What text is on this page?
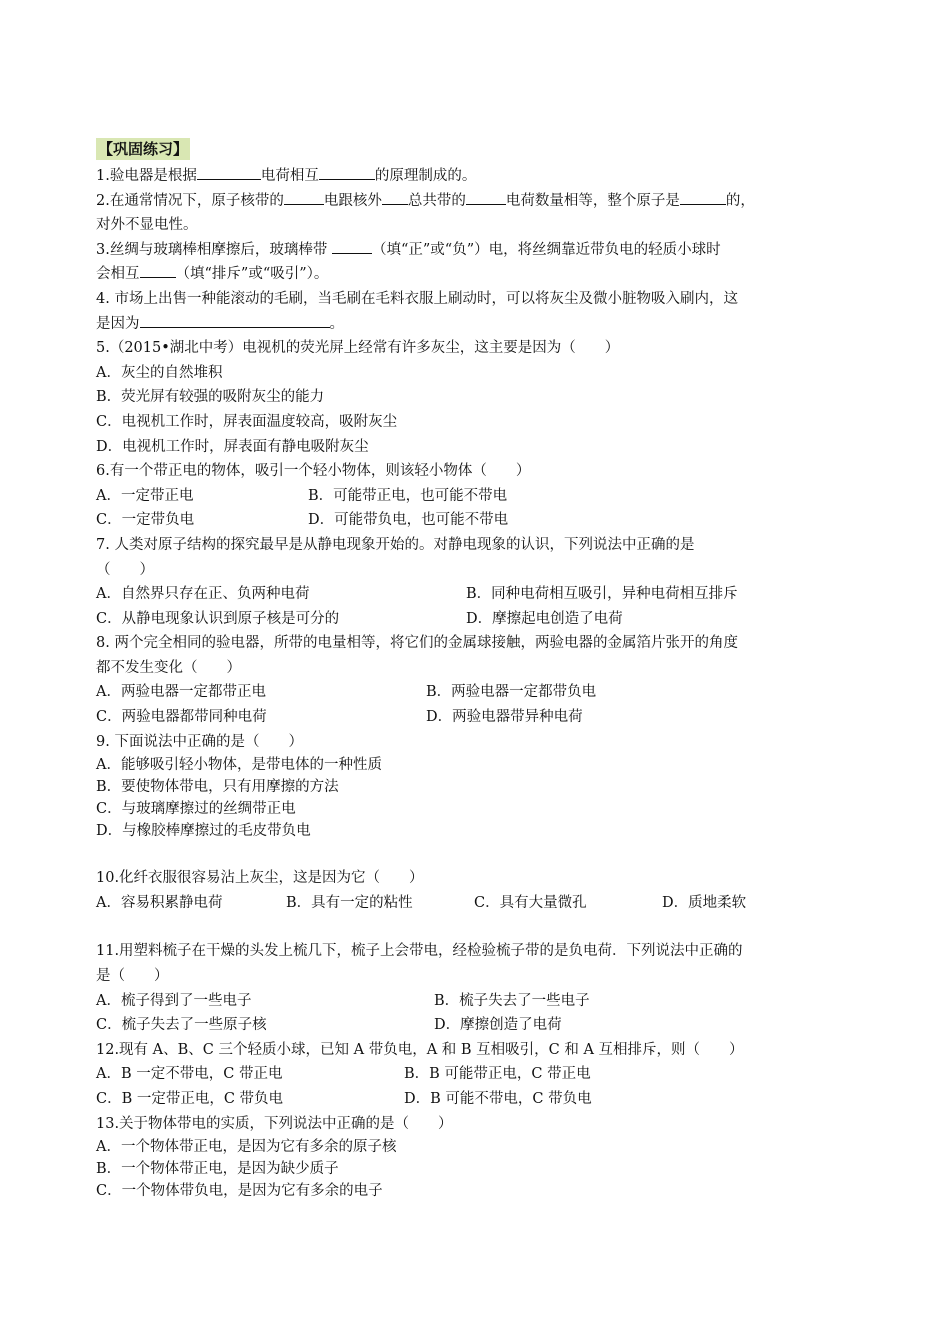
【巩固练习】
1.验电器是根据	电荷相互	的原理制成的。
2.在通常情况下，原子核带的	电跟核外 总共带的	电荷数量相等，整个原子是	的，
对外不显电性。
3.丝绸与玻璃棒相摩擦后，玻璃棒带	（填“正”或“负”）电，将丝绸靠近带负电的轻质小球时
会相互 （填“排斥”或“吸引”）。
4. 市场上出售一种能滚动的毛刷，当毛刷在毛料衣服上刷动时，可以将灰尘及微小脏物吸入刷内，这
是因为	。
5.（2015•湖北中考）电视机的荧光屏上经常有许多灰尘，这主要是因为（　　）
A．灰尘的自然堆积
B．荧光屏有较强的吸附灰尘的能力
C．电视机工作时，屏表面温度较高，吸附灰尘
D．电视机工作时，屏表面有静电吸附灰尘
6.有一个带正电的物体，吸引一个轻小物体，则该轻小物体（　　）
A．一定带正电	B．可能带正电，也可能不带电
C．一定带负电	D．可能带负电，也可能不带电
7. 人类对原子结构的探究最早是从静电现象开始的。对静电现象的认识，下列说法中正确的是
（　　）
A．自然界只存在正、负两种电荷	B．同种电荷相互吸引，异种电荷相互排斥
C．从静电现象认识到原子核是可分的	D．摩擦起电创造了电荷
8. 两个完全相同的验电器，所带的电量相等，将它们的金属球接触，两验电器的金属箔片张开的角度
都不发生变化（　　）
A．两验电器一定都带正电	B．两验电器一定都带负电
C．两验电器都带同种电荷	D．两验电器带异种电荷
9. 下面说法中正确的是（　　）
A．能够吸引轻小物体，是带电体的一种性质
B．要使物体带电，只有用摩擦的方法
C．与玻璃摩擦过的丝绸带正电
D．与橡胶棒摩擦过的毛皮带负电
10.化纤衣服很容易沾上灰尘，这是因为它（　　）
A．容易积累静电荷	B．具有一定的粘性	C．具有大量微孔	D．质地柔软
11.用塑料梳子在干燥的头发上梳几下，梳子上会带电，经检验梳子带的是负电荷．下列说法中正确的
是（　　）
A．梳子得到了一些电子	B．梳子失去了一些电子
C．梳子失去了一些原子核	D．摩擦创造了电荷
12.现有 A、B、C 三个轻质小球，已知 A 带负电，A 和 B 互相吸引，C 和 A 互相排斥，则（　　）
A．B 一定不带电，C 带正电	B．B 可能带正电，C 带正电
C．B 一定带正电，C 带负电	D．B 可能不带电，C 带负电
13.关于物体带电的实质，下列说法中正确的是（　　）
A．一个物体带正电，是因为它有多余的原子核
B．一个物体带正电，是因为缺少质子
C．一个物体带负电，是因为它有多余的电子
